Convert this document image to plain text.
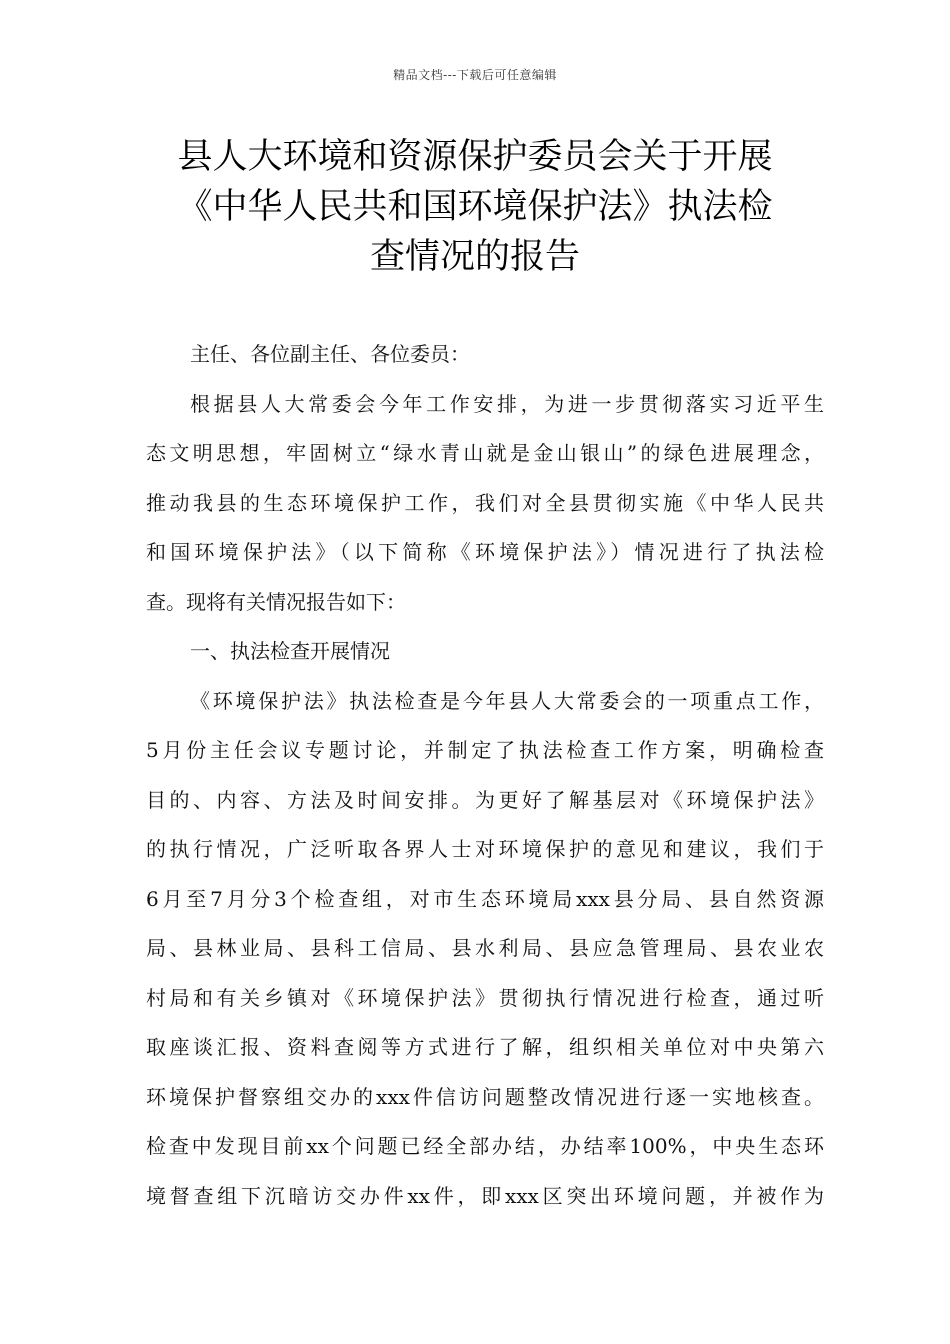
精品文档---下载后可任意编辑
县人大环境和资源保护委员会关于开展
《中华人民共和国环境保护法》执法检
查情况的报告
主任、各位副主任、各位委员：
根据县人大常委会今年工作安排，为进一步贯彻落实习近平生
态文明思想，牢固树立“绿水青山就是金山银山”的绿色进展理念，
推动我县的生态环境保护工作，我们对全县贯彻实施《中华人民共
和国环境保护法》（以下简称《环境保护法》）情况进行了执法检
查。现将有关情况报告如下：
一、执法检查开展情况
《环境保护法》执法检查是今年县人大常委会的一项重点工作，
5月份主任会议专题讨论，并制定了执法检查工作方案，明确检查
目的、内容、方法及时间安排。为更好了解基层对《环境保护法》
的执行情况，广泛听取各界人士对环境保护的意见和建议，我们于
6月至7月分3个检查组，对市生态环境局xxx县分局、县自然资源
局、县林业局、县科工信局、县水利局、县应急管理局、县农业农
村局和有关乡镇对《环境保护法》贯彻执行情况进行检查，通过听
取座谈汇报、资料查阅等方式进行了解，组织相关单位对中央第六
环境保护督察组交办的xxx件信访问题整改情况进行逐一实地核查。
检查中发现目前xx个问题已经全部办结，办结率100%，中央生态环
境督查组下沉暗访交办件xx件，即xxx区突出环境问题，并被作为
